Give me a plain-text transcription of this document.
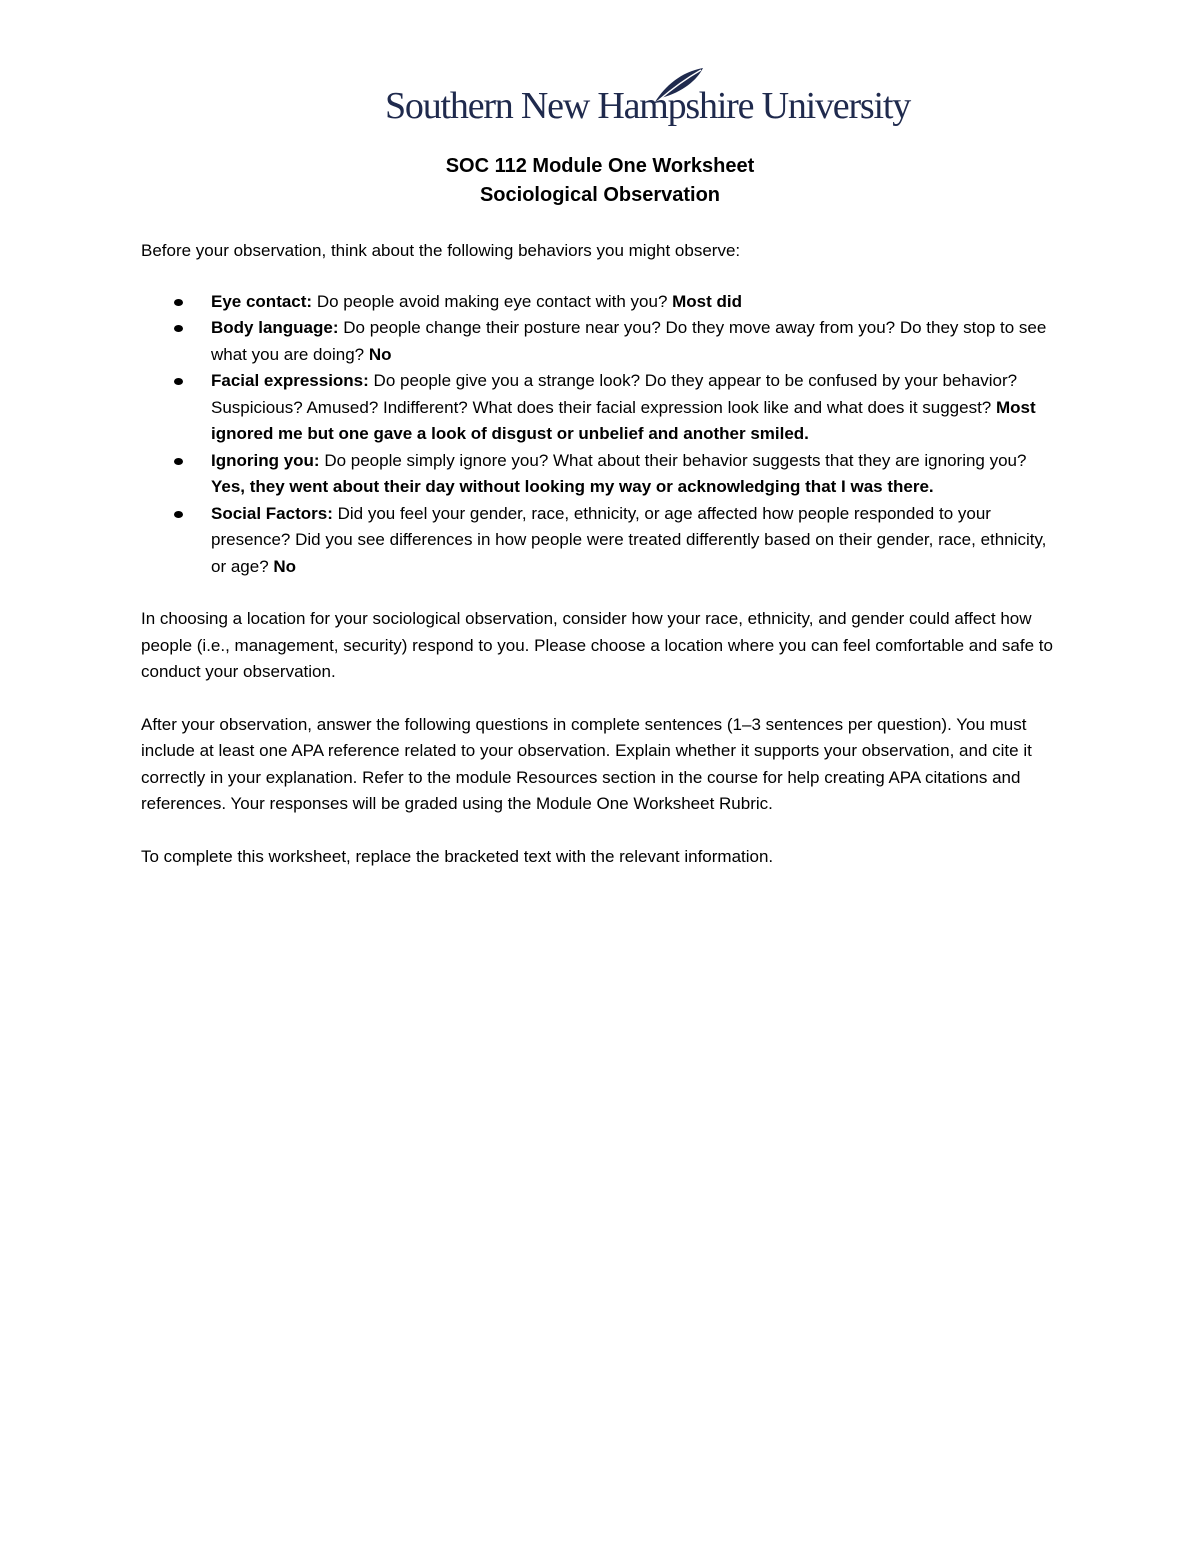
Southern New Hampshire University
SOC 112 Module One Worksheet
Sociological Observation

Before your observation, think about the following behaviors you might observe:

Eye contact: Do people avoid making eye contact with you? Most did
Body language: Do people change their posture near you? Do they move away from you? Do they stop to see what you are doing? No
Facial expressions: Do people give you a strange look? Do they appear to be confused by your behavior? Suspicious? Amused? Indifferent? What does their facial expression look like and what does it suggest? Most ignored me but one gave a look of disgust or unbelief and another smiled.
Ignoring you: Do people simply ignore you? What about their behavior suggests that they are ignoring you? Yes, they went about their day without looking my way or acknowledging that I was there.
Social Factors: Did you feel your gender, race, ethnicity, or age affected how people responded to your presence? Did you see differences in how people were treated differently based on their gender, race, ethnicity, or age? No

In choosing a location for your sociological observation, consider how your race, ethnicity, and gender could affect how people (i.e., management, security) respond to you. Please choose a location where you can feel comfortable and safe to conduct your observation.

After your observation, answer the following questions in complete sentences (1–3 sentences per question). You must include at least one APA reference related to your observation. Explain whether it supports your observation, and cite it correctly in your explanation. Refer to the module Resources section in the course for help creating APA citations and references. Your responses will be graded using the Module One Worksheet Rubric.

To complete this worksheet, replace the bracketed text with the relevant information.
